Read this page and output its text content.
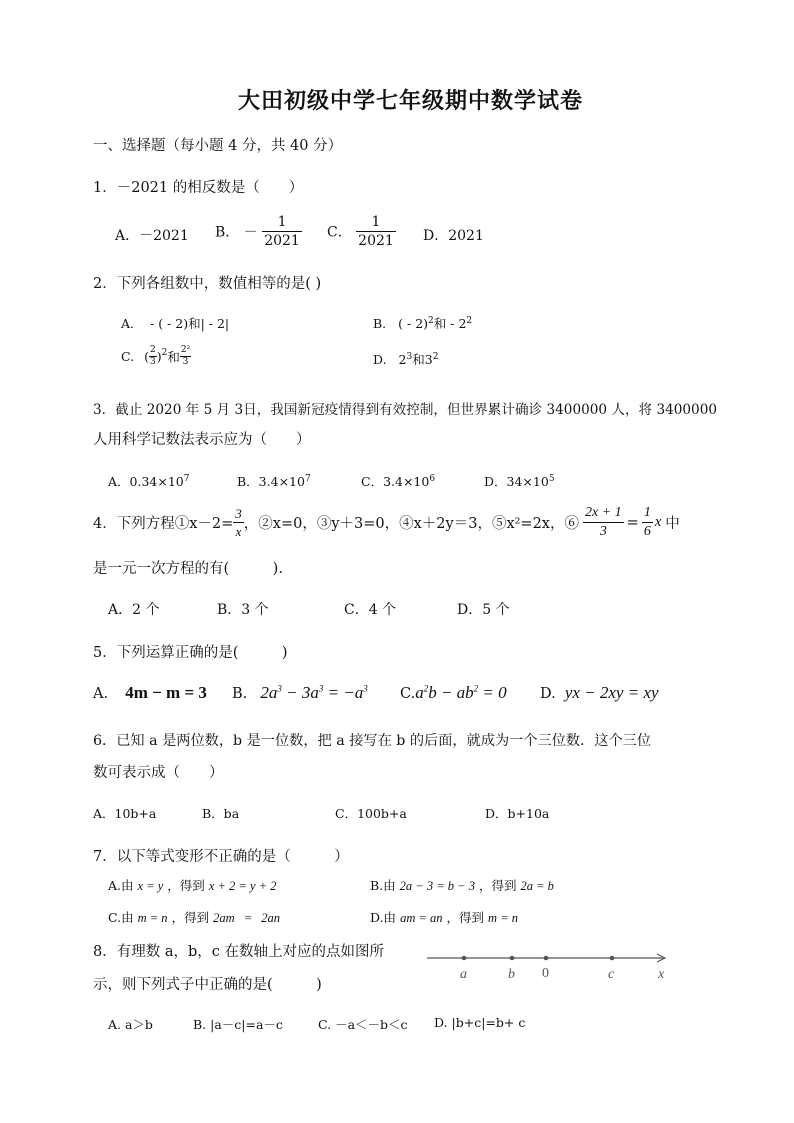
大田初级中学七年级期中数学试卷
一、选择题（每小题 4 分，共 40 分）
1．－2021 的相反数是（　　）
A．－2021 B． － $\frac{1}{2021}$ C． $\frac{1}{2021}$ D．2021
2．下列各组数中，数值相等的是( )
A. - ( - 2)和| - 2|	B. ( - 2)$^2$和 - $2^2$
C. ( $\frac{2}{3} )^2$和 $\frac{\text{2²}}{3}$	D. $2^3$和$3^2$
3．截止 2020 年 5 月 3日，我国新冠疫情得到有效控制，但世界累计确诊 3400000 人，将 3400000
人用科学记数法表示应为（　　）
A．$0.34\times 10^7$	B．$3.4\times 10^7$	C．$3.4\times 10^6$	D．$34\times 10^5$
4．下列方程①x－2= $\frac{3}{x}$ ，②x=0，③y＋3=0，④x＋2y＝3，⑤x²=2x，⑥ $\frac{2x + 1}{3} = \frac{1}{6}$ x 中
是一元一次方程的有(　　　).
A．2 个	B．3 个	C．4 个	D．5 个
5．下列运算正确的是(　　　)
A. 4m − m = 3 B. $2a^3 - 3a^3 = -a^3$ $C.a^2b - ab^2 = 0$ D. yx − 2xy = xy
6．已知 a 是两位数，b 是一位数，把 a 接写在 b 的后面，就成为一个三位数．这个三位
数可表示成（　　）
A．10b+a	B．ba	C．100b+a	D．b+10a
7．以下等式变形不正确的是（　　　）
A.由 x = y ，得到 x + 2 = y + 2	B.由 2a − 3 = b − 3 ，得到 2a = b
C.由 m = n ，得到 2am = 2an	D.由 am = an ，得到 m = n
8．有理数 a，b，c 在数轴上对应的点如图所
示，则下列式子中正确的是(　　　)
a	b 0	c	x
A. a＞b	B. |a－c|=a－c	C. －a＜－b＜c D. |b+c|=b+ c
